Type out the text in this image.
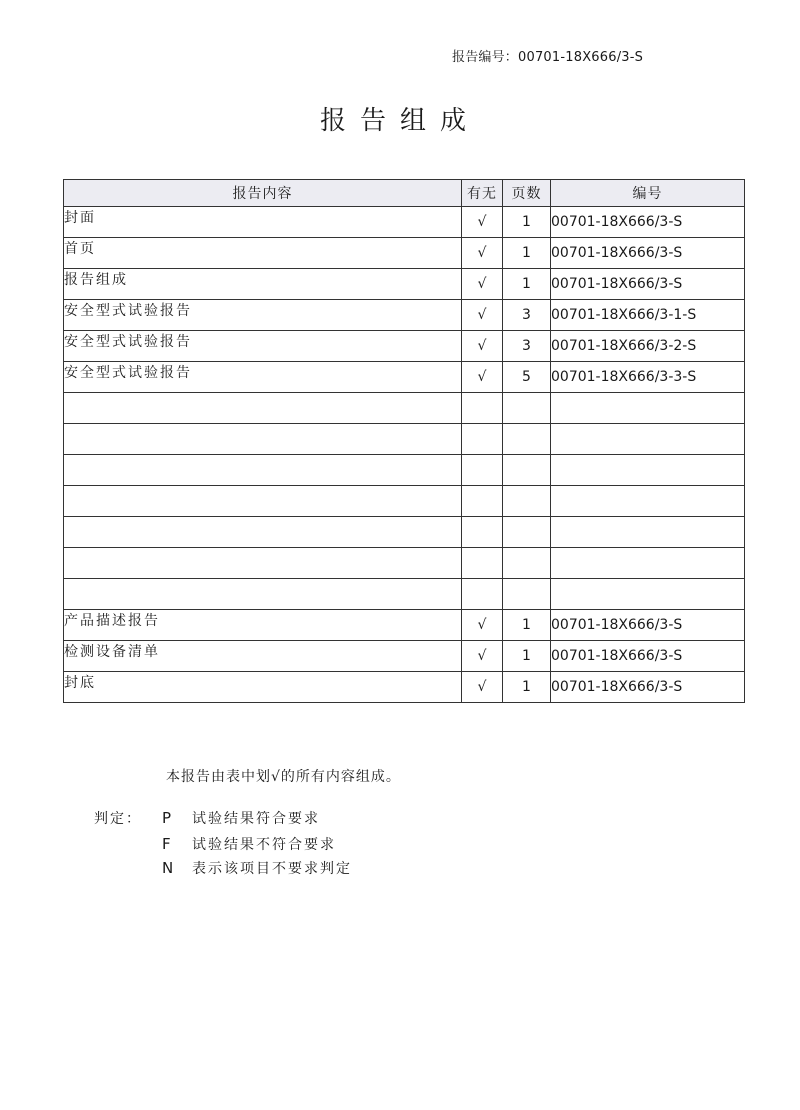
报告编号：00701-18X666/3-S
报告组成
报告内容	有无	页数	编号
封面	√	1	00701-18X666/3-S
首页	√	1	00701-18X666/3-S
报告组成	√	1	00701-18X666/3-S
安全型式试验报告	√	3	00701-18X666/3-1-S
安全型式试验报告	√	3	00701-18X666/3-2-S
安全型式试验报告	√	5	00701-18X666/3-3-S

产品描述报告	√	1	00701-18X666/3-S
检测设备清单	√	1	00701-18X666/3-S
封底	√	1	00701-18X666/3-S
本报告由表中划√的所有内容组成。
判定： P 试验结果符合要求
F 试验结果不符合要求
N 表示该项目不要求判定
